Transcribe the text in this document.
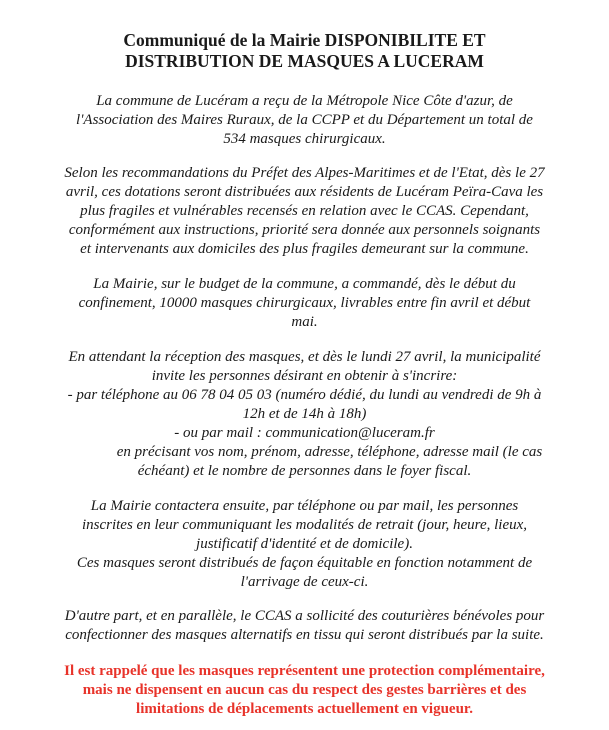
Communiqué de la Mairie DISPONIBILITE ET
DISTRIBUTION DE MASQUES A LUCERAM

La commune de Lucéram a reçu de la Métropole Nice Côte d'azur, de
l'Association des Maires Ruraux, de la CCPP et du Département un total de
534 masques chirurgicaux.

Selon les recommandations du Préfet des Alpes-Maritimes et de l'Etat, dès le 27
avril, ces dotations seront distribuées aux résidents de Lucéram Peïra-Cava les
plus fragiles et vulnérables recensés en relation avec le CCAS. Cependant,
conformément aux instructions, priorité sera donnée aux personnels soignants
et intervenants aux domiciles des plus fragiles demeurant sur la commune.

La Mairie, sur le budget de la commune, a commandé, dès le début du
confinement, 10000 masques chirurgicaux, livrables entre fin avril et début
mai.

En attendant la réception des masques, et dès le lundi 27 avril, la municipalité
invite les personnes désirant en obtenir à s'incrire:
- par téléphone au 06 78 04 05 03 (numéro dédié, du lundi au vendredi de 9h à
12h et de 14h à 18h)
- ou par mail : communication@luceram.fr
en précisant vos nom, prénom, adresse, téléphone, adresse mail (le cas
échéant) et le nombre de personnes dans le foyer fiscal.

La Mairie contactera ensuite, par téléphone ou par mail, les personnes
inscrites en leur communiquant les modalités de retrait (jour, heure, lieux,
justificatif d'identité et de domicile).
Ces masques seront distribués de façon équitable en fonction notamment de
l'arrivage de ceux-ci.

D'autre part, et en parallèle, le CCAS a sollicité des couturières bénévoles pour
confectionner des masques alternatifs en tissu qui seront distribués par la suite.

Il est rappelé que les masques représentent une protection complémentaire,
mais ne dispensent en aucun cas du respect des gestes barrières et des
limitations de déplacements actuellement en vigueur.
